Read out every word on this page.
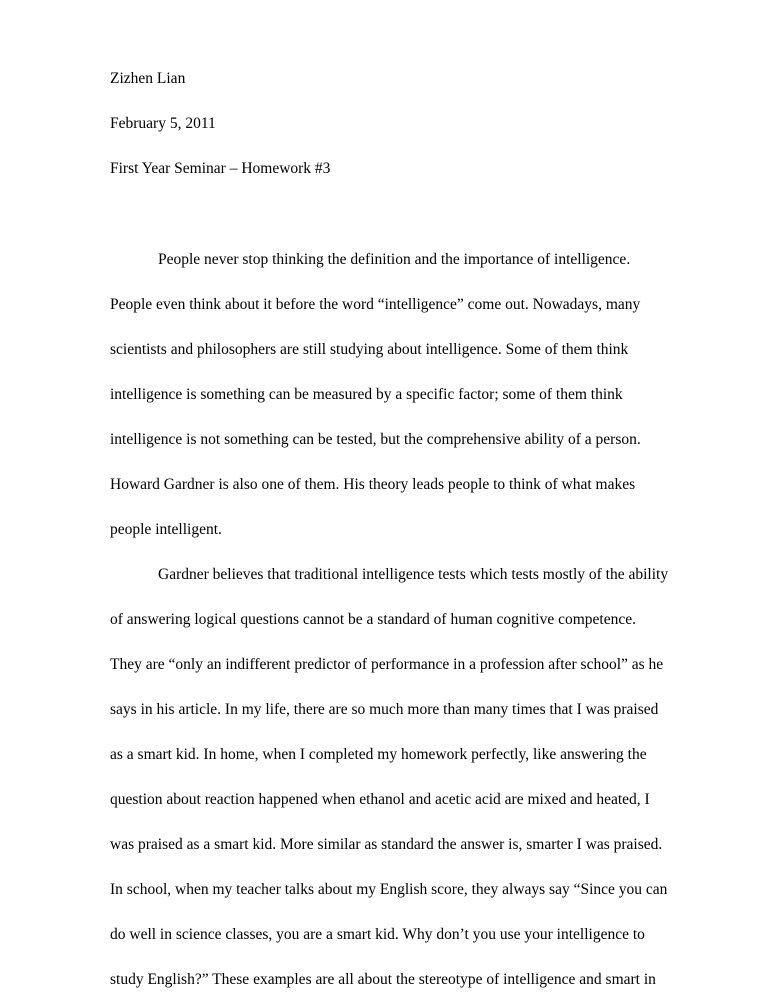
Zizhen Lian
February 5, 2011
First Year Seminar – Homework #3
People never stop thinking the definition and the importance of intelligence.
People even think about it before the word “intelligence” come out. Nowadays, many
scientists and philosophers are still studying about intelligence. Some of them think
intelligence is something can be measured by a specific factor; some of them think
intelligence is not something can be tested, but the comprehensive ability of a person.
Howard Gardner is also one of them. His theory leads people to think of what makes
people intelligent.
Gardner believes that traditional intelligence tests which tests mostly of the ability
of answering logical questions cannot be a standard of human cognitive competence.
They are “only an indifferent predictor of performance in a profession after school” as he
says in his article. In my life, there are so much more than many times that I was praised
as a smart kid. In home, when I completed my homework perfectly, like answering the
question about reaction happened when ethanol and acetic acid are mixed and heated, I
was praised as a smart kid. More similar as standard the answer is, smarter I was praised.
In school, when my teacher talks about my English score, they always say “Since you can
do well in science classes, you are a smart kid. Why don’t you use your intelligence to
study English?” These examples are all about the stereotype of intelligence and smart in
